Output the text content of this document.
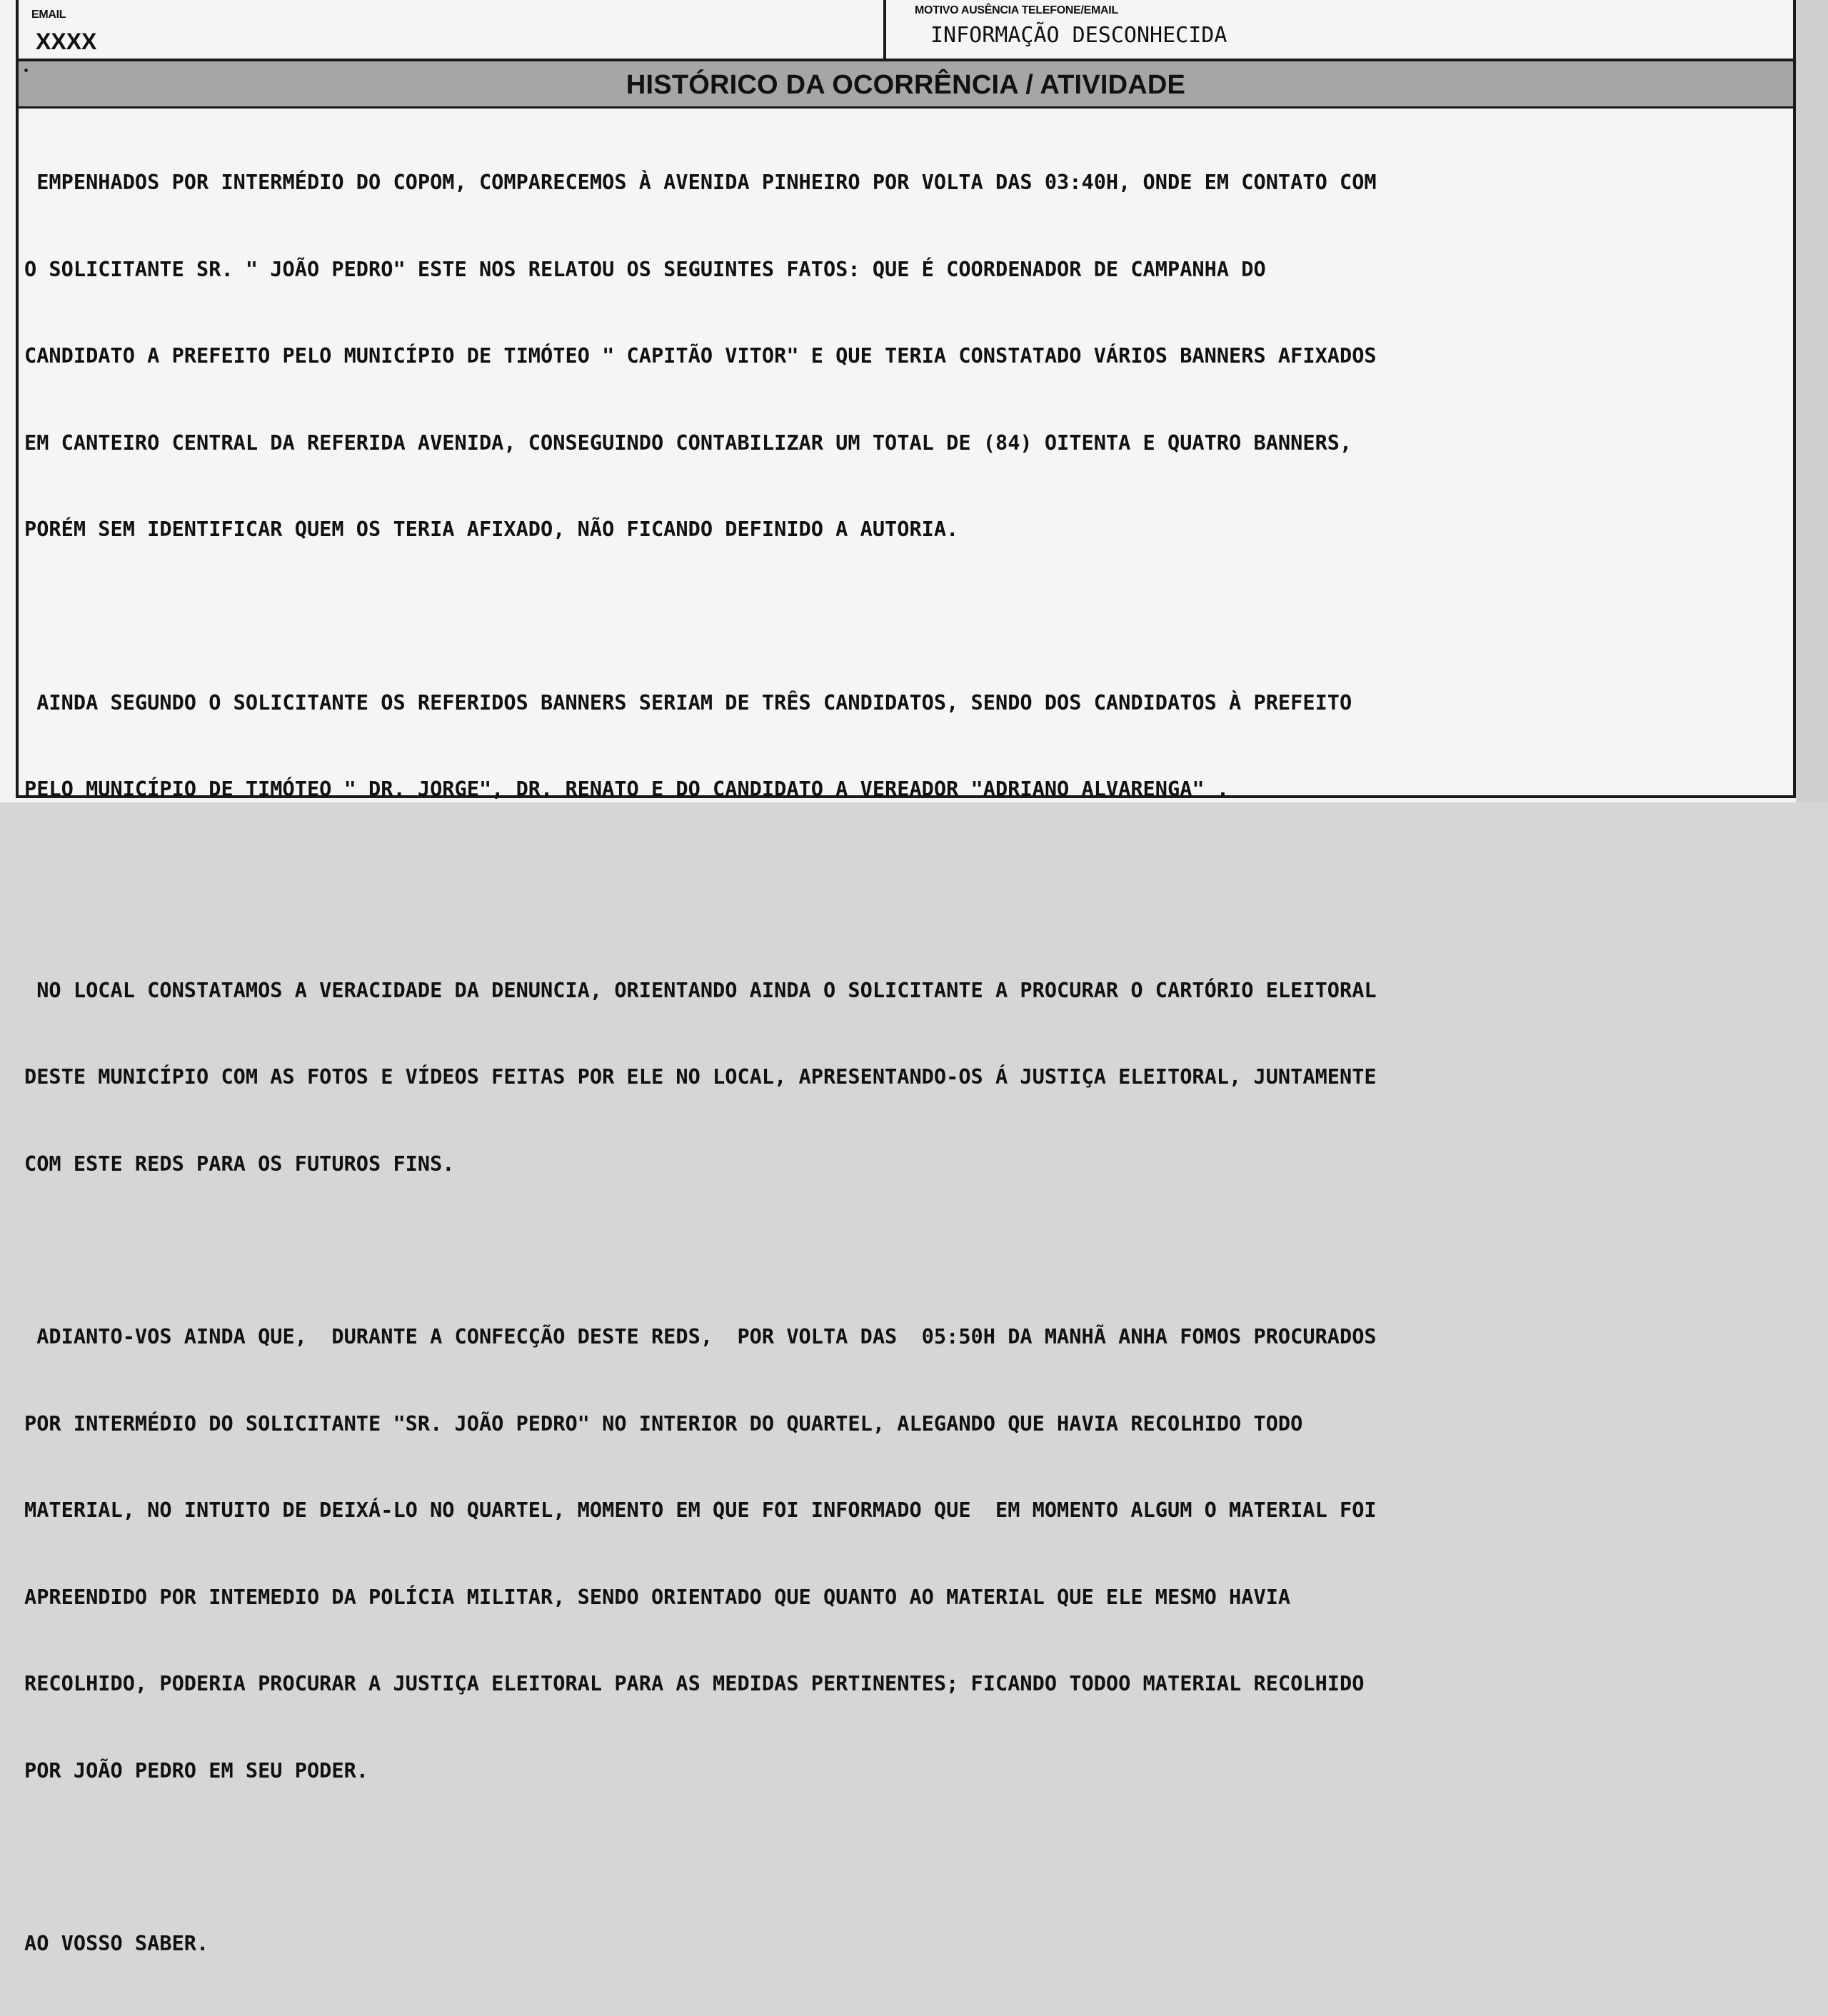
EMAIL
XXXX
MOTIVO AUSÊNCIA TELEFONE/EMAIL
INFORMAÇÃO DESCONHECIDA
HISTÓRICO DA OCORRÊNCIA / ATIVIDADE

EMPENHADOS POR INTERMÉDIO DO COPOM, COMPARECEMOS À AVENIDA PINHEIRO POR VOLTA DAS 03:40H, ONDE EM CONTATO COM

O SOLICITANTE SR. " JOÃO PEDRO" ESTE NOS RELATOU OS SEGUINTES FATOS: QUE É COORDENADOR DE CAMPANHA DO

CANDIDATO A PREFEITO PELO MUNICÍPIO DE TIMÓTEO " CAPITÃO VITOR" E QUE TERIA CONSTATADO VÁRIOS BANNERS AFIXADOS

EM CANTEIRO CENTRAL DA REFERIDA AVENIDA, CONSEGUINDO CONTABILIZAR UM TOTAL DE (84) OITENTA E QUATRO BANNERS,

PORÉM SEM IDENTIFICAR QUEM OS TERIA AFIXADO, NÃO FICANDO DEFINIDO A AUTORIA.

AINDA SEGUNDO O SOLICITANTE OS REFERIDOS BANNERS SERIAM DE TRÊS CANDIDATOS, SENDO DOS CANDIDATOS À PREFEITO

PELO MUNICÍPIO DE TIMÓTEO " DR. JORGE", DR. RENATO E DO CANDIDATO A VEREADOR "ADRIANO ALVARENGA" .

NO LOCAL CONSTATAMOS A VERACIDADE DA DENUNCIA, ORIENTANDO AINDA O SOLICITANTE A PROCURAR O CARTÓRIO ELEITORAL

DESTE MUNICÍPIO COM AS FOTOS E VÍDEOS FEITAS POR ELE NO LOCAL, APRESENTANDO-OS Á JUSTIÇA ELEITORAL, JUNTAMENTE

COM ESTE REDS PARA OS FUTUROS FINS.

ADIANTO-VOS AINDA QUE,  DURANTE A CONFECÇÃO DESTE REDS,  POR VOLTA DAS  05:50H DA MANHÃ ANHA FOMOS PROCURADOS

POR INTERMÉDIO DO SOLICITANTE "SR. JOÃO PEDRO" NO INTERIOR DO QUARTEL, ALEGANDO QUE HAVIA RECOLHIDO TODO

MATERIAL, NO INTUITO DE DEIXÁ-LO NO QUARTEL, MOMENTO EM QUE FOI INFORMADO QUE  EM MOMENTO ALGUM O MATERIAL FOI

APREENDIDO POR INTEMEDIO DA POLÍCIA MILITAR, SENDO ORIENTADO QUE QUANTO AO MATERIAL QUE ELE MESMO HAVIA

RECOLHIDO, PODERIA PROCURAR A JUSTIÇA ELEITORAL PARA AS MEDIDAS PERTINENTES; FICANDO TODOO MATERIAL RECOLHIDO

POR JOÃO PEDRO EM SEU PODER.

AO VOSSO SABER.
